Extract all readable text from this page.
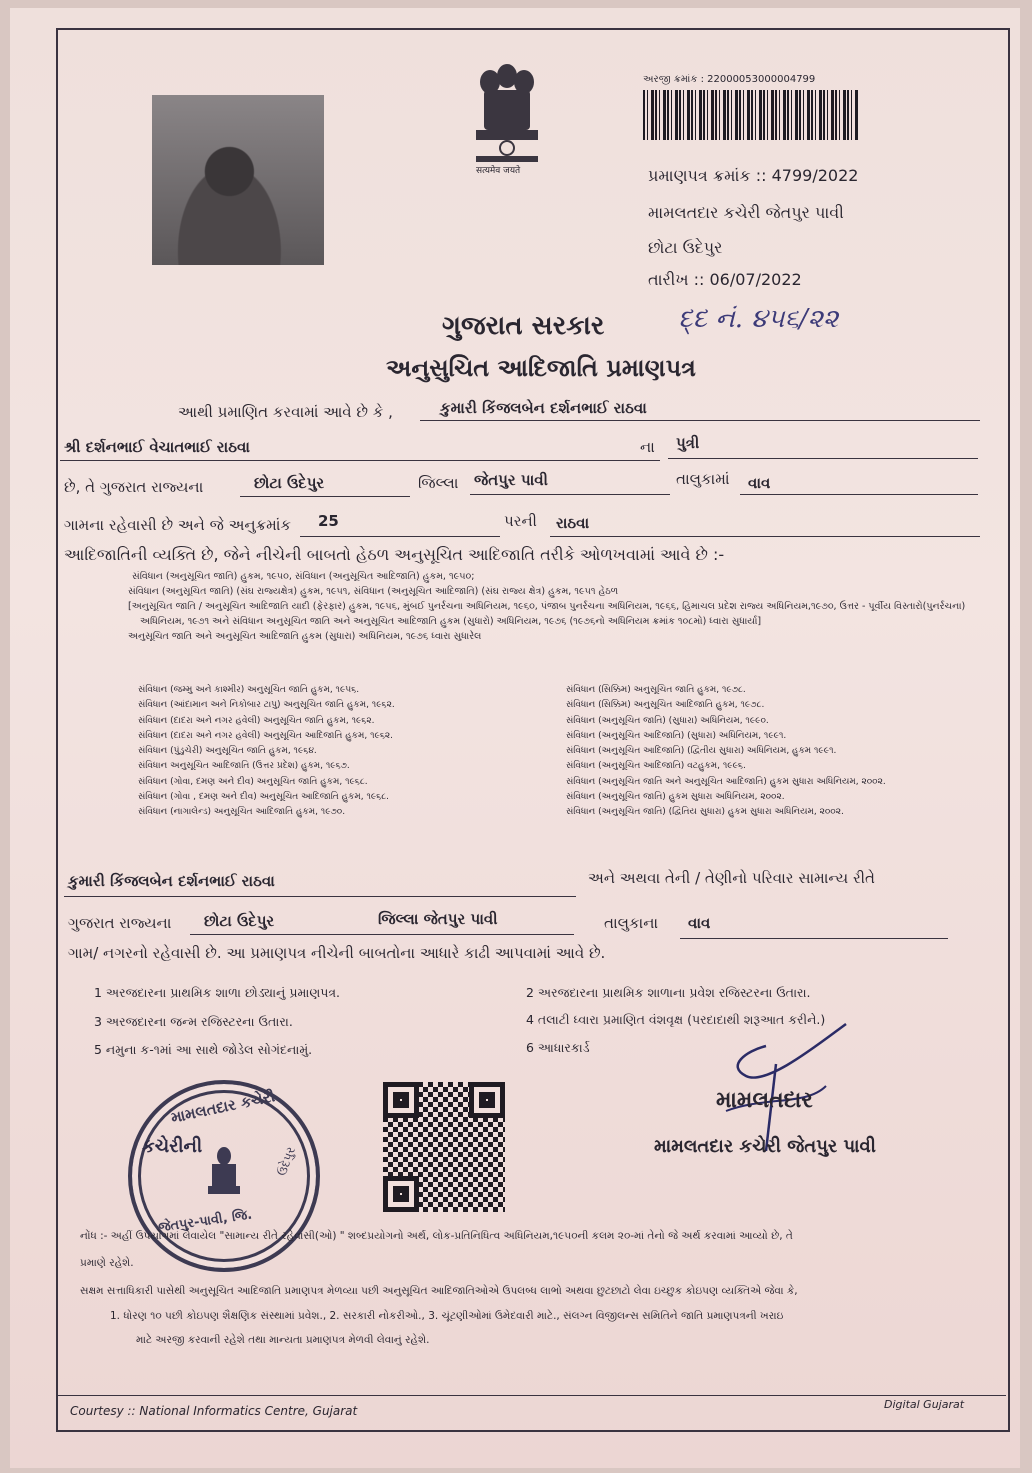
सत्यमेव जयते
અરજી ક્રમાંક : 22000053000004799
પ્રમાણપત્ર ક્રમાંક :: 4799/2022
મામલતદાર કચેરી જેતપુર પાવી
છોટા ઉદેપુર
તારીખ :: 06/07/2022
દ્દ નં. ૪૫૬/૨૨
ગુજરાત સરકાર
અનુસુચિત આદિજાતિ પ્રમાણપત્ર
આથી પ્રમાણિત કરવામાં આવે છે કે ,	કુમારી કિંજલબેન દર્શનભાઈ રાઠવા
શ્રી દર્શનભાઈ વેચાતભાઈ રાઠવા	ના પુત્રી
છે, તે ગુજરાત રાજ્યના	છોટા ઉદેપુર	જિલ્લા જેતપુર પાવી	તાલુકામાં વાવ
ગામના રહેવાસી છે અને જે અનુક્રમાંક 25	પરની રાઠવા
આદિજાતિની વ્યક્તિ છે, જેને નીચેની બાબતો હેઠળ અનુસૂચિત આદિજાતિ તરીકે ઓળખવામાં આવે છે :-
સંવિધાન (અનુસૂચિત જાતિ) હુકમ, ૧૯૫૦, સંવિધાન (અનુસૂચિત આદિજાતિ) હુકમ, ૧૯૫૦;
સંવિધાન (અનુસૂચિત જાતિ) (સંઘ રાજ્યક્ષેત્ર) હુકમ, ૧૯૫૧, સંવિધાન (અનુસૂચિત આદિજાતિ) (સંઘ રાજ્ય ક્ષેત્ર) હુકમ, ૧૯૫૧ હેઠળ
[અનુસૂચિત જાતિ / અનુસૂચિત આદિજાતિ યાદી (ફેરફાર) હુકમ, ૧૯૫૬, મુંબઈ પુનર્રચના અધિનિયમ, ૧૯૬૦, પંજાબ પુનર્રચના અધિનિયમ, ૧૯૬૬, હિમાચલ પ્રદેશ રાજ્ય અધિનિયમ,૧૯૭૦, ઉત્તર - પૂર્વીય વિસ્તારો(પુનર્રચના)
અધિનિયમ, ૧૯૭૧ અને સંવિધાન અનુસૂચિત જાતિ અને અનુસૂચિત આદિજાતિ હુકમ (સુધારો) અધિનિયમ, ૧૯૭૬ (૧૯૭૬નો અધિનિયમ ક્રમાંક ૧૦૮મો) ધ્વારા સુધાર્યા]
અનુસૂચિત જાતિ અને અનુસૂચિત આદિજાતિ હુકમ (સુધારા) અધિનિયમ, ૧૯૭૬ ધ્વારા સુધારેલ
સંવિધાન (જમ્મુ અને કાશ્મીર) અનુસૂચિત જાતિ હુકમ, ૧૯૫૬.
સંવિધાન (આંદામાન અને નિકોબાર ટાપુ) અનુસૂચિત જાતિ હુકમ, ૧૯૬૨.
સંવિધાન (દાદરા અને નગર હવેલી) અનુસૂચિત જાતિ હુકમ, ૧૯૬૨.
સંવિધાન (દાદરા અને નગર હવેલી) અનુસૂચિત આદિજાતિ હુકમ, ૧૯૬૨.
સંવિધાન (પુંડુચેરી) અનુસૂચિત જાતિ હુકમ, ૧૯૬૪.
સંવિધાન અનુસૂચિત આદિજાતિ (ઉત્તર પ્રદેશ) હુકમ, ૧૯૬૭.
સંવિધાન (ગોવા, દમણ અને દીવ) અનુસૂચિત જાતિ હુકમ, ૧૯૬૮.
સંવિધાન (ગોવા , દમણ અને દીવ) અનુસૂચિત આદિજાતિ હુકમ, ૧૯૬૮.
સંવિધાન (નાગાલેન્ડ) અનુસૂચિત આદિજાતિ હુકમ, ૧૯૭૦.
સંવિધાન (સિક્કિમ) અનુસૂચિત જાતિ હુકમ, ૧૯૭૮.
સંવિધાન (સિક્કિમ) અનુસૂચિત આદિજાતિ હુકમ, ૧૯૭૮.
સંવિધાન (અનુસૂચિત જાતિ) (સુધારા) અધિનિયમ, ૧૯૯૦.
સંવિધાન (અનુસૂચિત આદિજાતિ) (સુધારા) અધિનિયમ, ૧૯૯૧.
સંવિધાન (અનુસૂચિત આદિજાતિ) (દ્વિતીય સુધારા) અધિનિયમ, હુકમ ૧૯૯૧.
સંવિધાન (અનુસૂચિત આદિજાતિ) વટહુકમ, ૧૯૯૬.
સંવિધાન (અનુસૂચિત જાતિ અને અનુસૂચિત આદિજાતિ) હુકમ સુધારા અધિનિયમ, ૨૦૦૨.
સંવિધાન (અનુસૂચિત જાતિ) હુકમ સુધારા અધિનિયમ, ૨૦૦૨.
સંવિધાન (અનુસૂચિત જાતિ) (દ્વિતિય સુધારા) હુકમ સુધારા અધિનિયમ, ૨૦૦૨.
કુમારી કિંજલબેન દર્શનભાઈ રાઠવા	અને અથવા તેની / તેણીનો પરિવાર સામાન્ય રીતે
ગુજરાત રાજ્યના છોટા ઉદેપુર	જિલ્લા જેતપુર પાવી	તાલુકાના વાવ
ગામ/ નગરનો રહેવાસી છે. આ પ્રમાણપત્ર નીચેની બાબતોના આધારે કાઢી આપવામાં આવે છે.
1 અરજદારના પ્રાથમિક શાળા છોડ્યાનું પ્રમાણપત્ર.	2 અરજદારના પ્રાથમિક શાળાના પ્રવેશ રજિસ્ટરના ઉતારા.
3 અરજદારના જન્મ રજિસ્ટરના ઉતારા.	4 તલાટી ધ્વારા પ્રમાણિત વંશવૃક્ષ (પરદાદાથી શરૂઆત કરીને.)
5 નમુના ક-૧માં આ સાથે જોડેલ સોગંદનામું.	6 આધારકાર્ડ
મામલતદાર કચેરી
કચેરીની
જેતપુર-પાવી, જિ.
ઉદેપુર
મામલતદાર
મામલતદાર કચેરી જેતપુર પાવી
નોંધ :- અહીં ઉપયોગમાં લેવાયેલ "સામાન્ય રીતે રહેવાસી(ઓ) " શબ્દપ્રયોગનો અર્થ, લોક-પ્રતિનિધિત્વ અધિનિયમ,૧૯૫૦ની કલમ ૨૦-માં તેનો જે અર્થ કરવામાં આવ્યો છે, તે
પ્રમાણે રહેશે.
સક્ષમ સત્તાધિકારી પાસેથી અનુસૂચિત આદિજાતિ પ્રમાણપત્ર મેળવ્યા પછી અનુસૂચિત આદિજાતિઓએ ઉપલબ્ધ લાભો અથવા છુટછાટો લેવા ઇચ્છુક કોઇપણ વ્યક્તિએ જેવા કે,
1. ધોરણ ૧૦ પછી કોઇપણ શૈક્ષણિક સંસ્થામાં પ્રવેશ., 2. સરકારી નોકરીઓ., 3. ચૂંટણીઓમાં ઉમેદવારી માટે., સંલગ્ન વિજીલન્સ સમિતિને જાતિ પ્રમાણપત્રની ખરાઇ
માટે અરજી કરવાની રહેશે તથા માન્યતા પ્રમાણપત્ર મેળવી લેવાનું રહેશે.
Courtesy :: National Informatics Centre, Gujarat	Digital Gujarat
